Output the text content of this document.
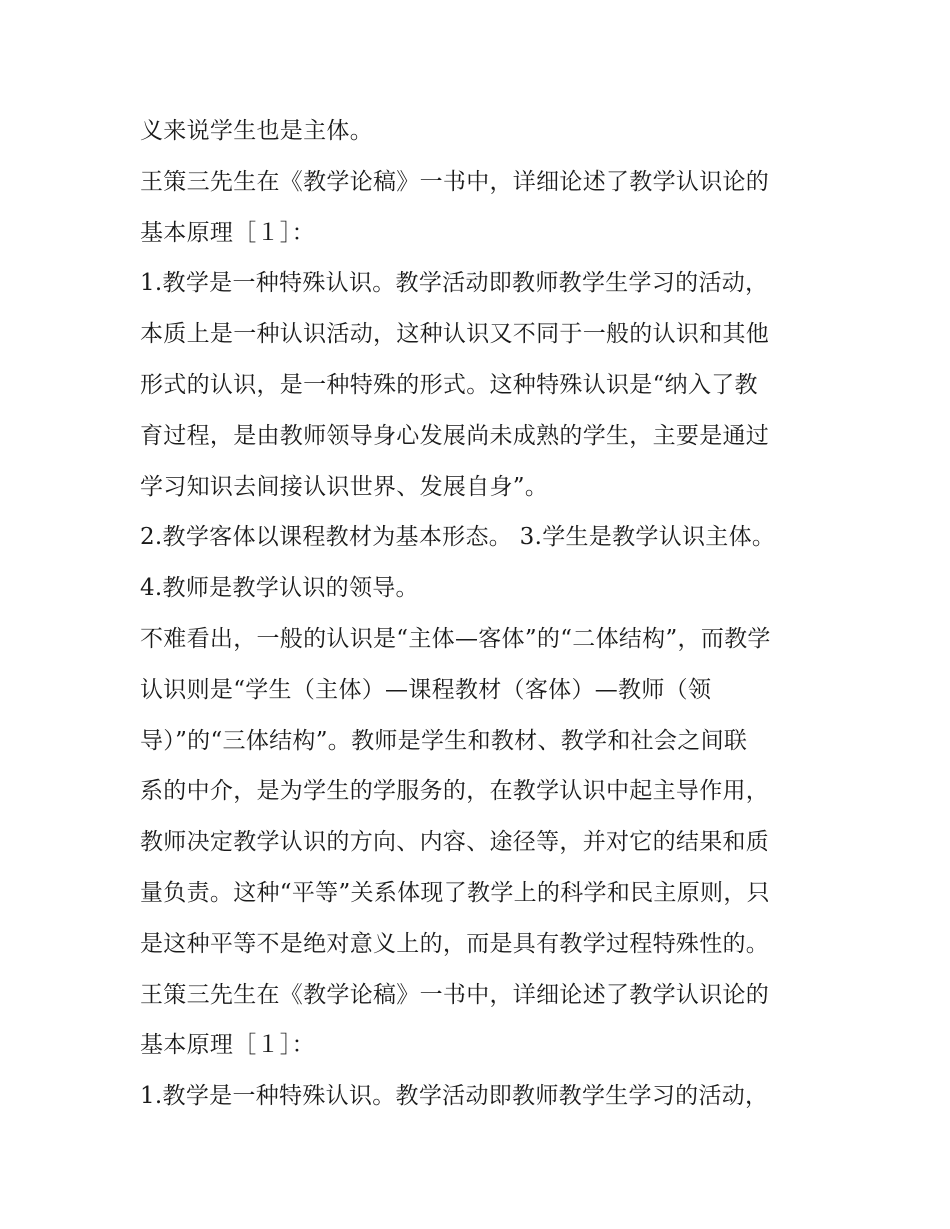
义来说学生也是主体。
王策三先生在《教学论稿》一书中，详细论述了教学认识论的
基本原理［１］：
1.教学是一种特殊认识。教学活动即教师教学生学习的活动，
本质上是一种认识活动，这种认识又不同于一般的认识和其他
形式的认识，是一种特殊的形式。这种特殊认识是“纳入了教
育过程，是由教师领导身心发展尚未成熟的学生，主要是通过
学习知识去间接认识世界、发展自身”。
2.教学客体以课程教材为基本形态。 3.学生是教学认识主体。
4.教师是教学认识的领导。
不难看出，一般的认识是“主体—客体”的“二体结构”，而教学
认识则是“学生（主体）—课程教材（客体）—教师（领
导）”的“三体结构”。教师是学生和教材、教学和社会之间联
系的中介，是为学生的学服务的，在教学认识中起主导作用，
教师决定教学认识的方向、内容、途径等，并对它的结果和质
量负责。这种“平等”关系体现了教学上的科学和民主原则，只
是这种平等不是绝对意义上的，而是具有教学过程特殊性的。
王策三先生在《教学论稿》一书中，详细论述了教学认识论的
基本原理［１］：
1.教学是一种特殊认识。教学活动即教师教学生学习的活动，
